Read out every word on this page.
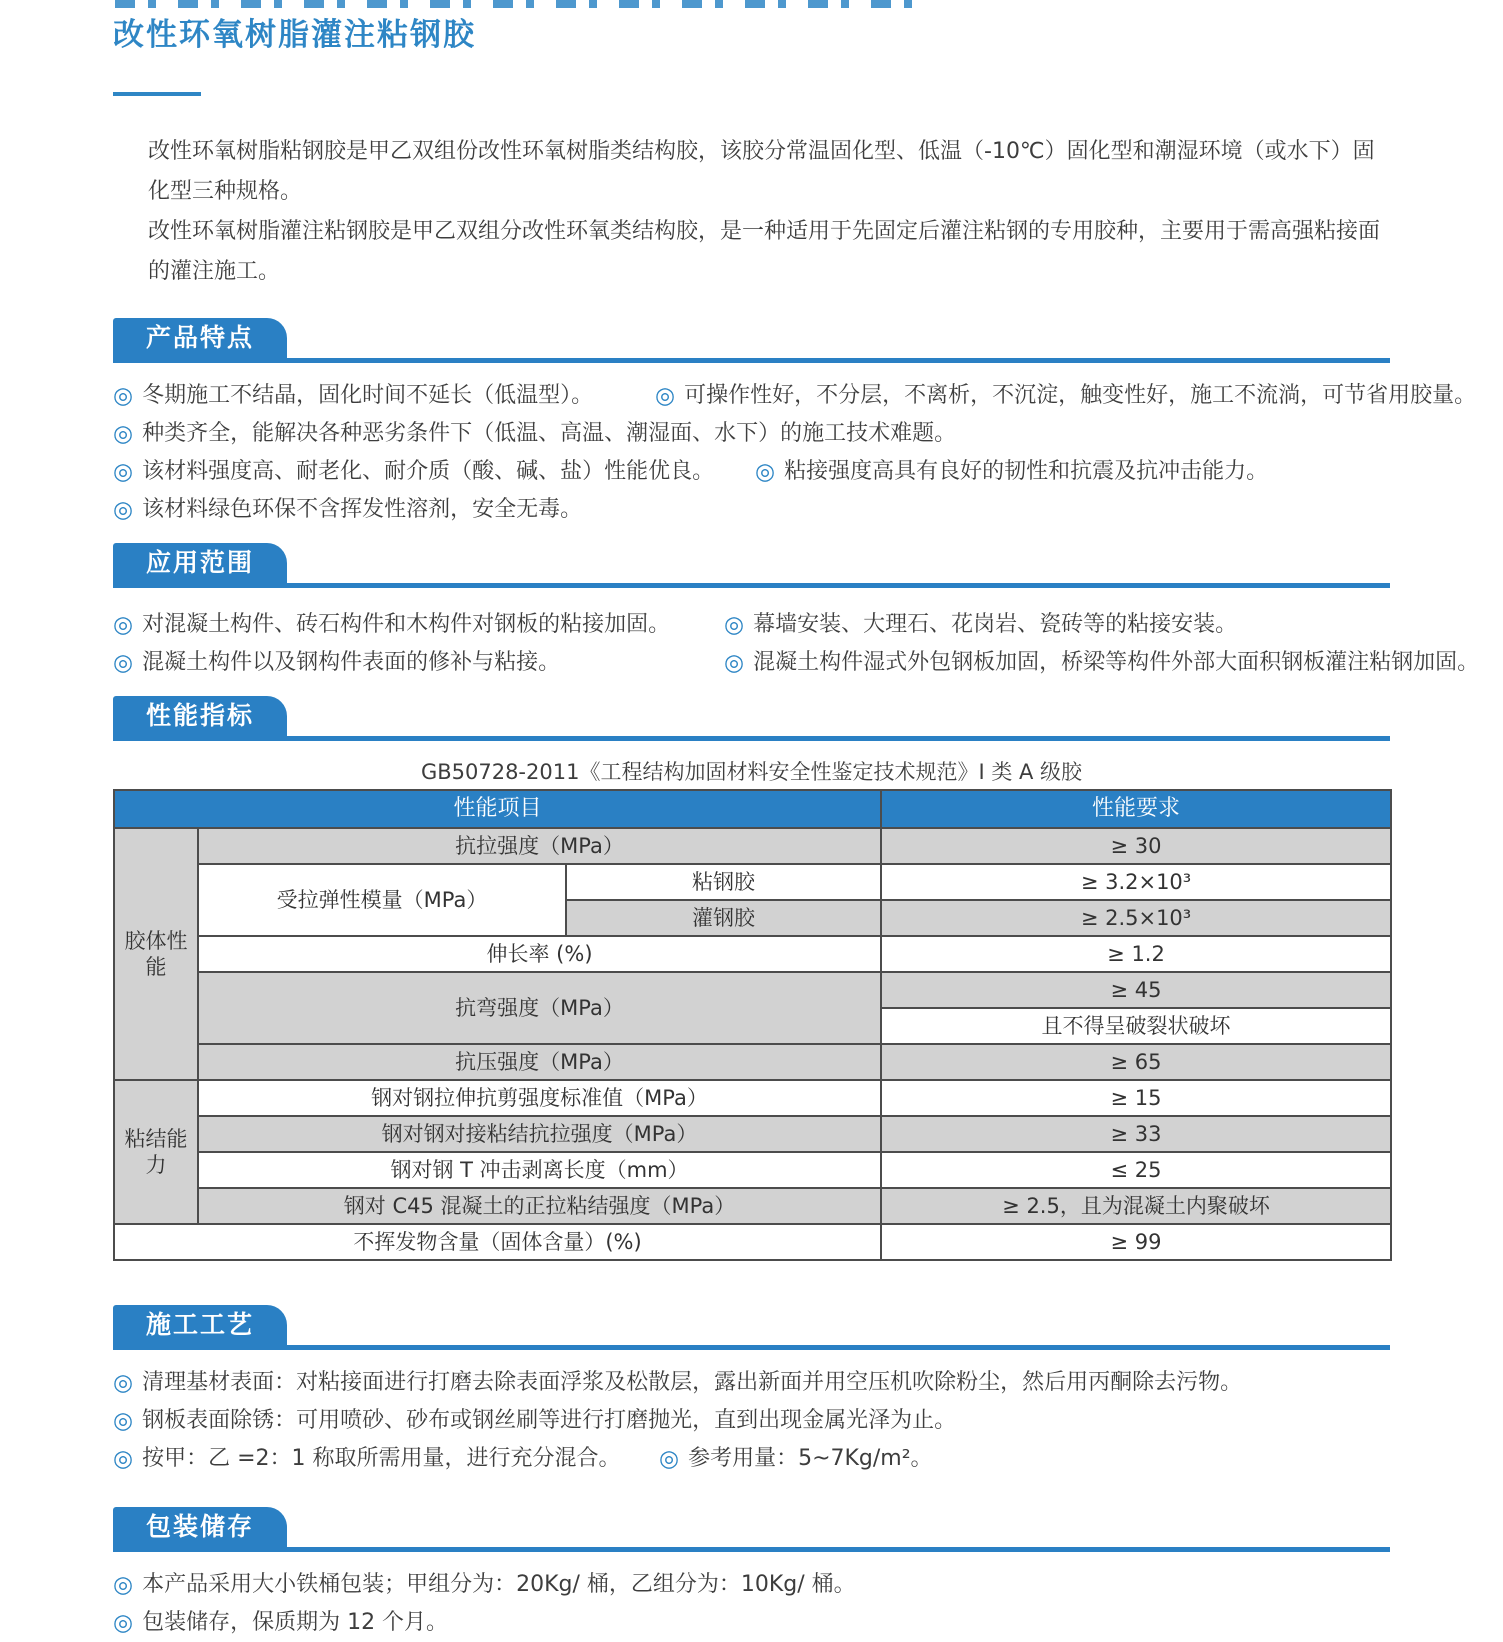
改性环氧树脂灌注粘钢胶

改性环氧树脂粘钢胶是甲乙双组份改性环氧树脂类结构胶，该胶分常温固化型、低温（-10℃）固化型和潮湿环境（或水下）固化型三种规格。

改性环氧树脂灌注粘钢胶是甲乙双组分改性环氧类结构胶，是一种适用于先固定后灌注粘钢的专用胶种，主要用于需高强粘接面的灌注施工。

产品特点
◎ 冬期施工不结晶，固化时间不延长（低温型）。	◎ 可操作性好，不分层，不离析，不沉淀，触变性好，施工不流淌，可节省用胶量。
◎ 种类齐全，能解决各种恶劣条件下（低温、高温、潮湿面、水下）的施工技术难题。
◎ 该材料强度高、耐老化、耐介质（酸、碱、盐）性能优良。 ◎ 粘接强度高具有良好的韧性和抗震及抗冲击能力。
◎ 该材料绿色环保不含挥发性溶剂，安全无毒。
应用范围
◎ 对混凝土构件、砖石构件和木构件对钢板的粘接加固。 ◎ 幕墙安装、大理石、花岗岩、瓷砖等的粘接安装。
◎ 混凝土构件以及钢构件表面的修补与粘接。	◎ 混凝土构件湿式外包钢板加固，桥梁等构件外部大面积钢板灌注粘钢加固。
性能指标
GB50728-2011《工程结构加固材料安全性鉴定技术规范》I 类 A 级胶
性能项目			性能要求
胶体性能	抗拉强度（MPa）		≥ 30
	受拉弹性模量（MPa）	粘钢胶	≥ 3.2×10³
		灌钢胶	≥ 2.5×10³
	伸长率 (%)		≥ 1.2
	抗弯强度（MPa）		≥ 45
			且不得呈破裂状破坏
	抗压强度（MPa）		≥ 65
粘结能力	钢对钢拉伸抗剪强度标准值（MPa）		≥ 15
	钢对钢对接粘结抗拉强度（MPa）		≥ 33
	钢对钢 T 冲击剥离长度（mm）		≤ 25
	钢对 C45 混凝土的正拉粘结强度（MPa）		≥ 2.5，且为混凝土内聚破坏
不挥发物含量（固体含量）(%)			≥ 99
施工工艺
◎ 清理基材表面：对粘接面进行打磨去除表面浮浆及松散层，露出新面并用空压机吹除粉尘，然后用丙酮除去污物。
◎ 钢板表面除锈：可用喷砂、砂布或钢丝刷等进行打磨抛光，直到出现金属光泽为止。
◎ 按甲：乙 =2：1 称取所需用量，进行充分混合。 ◎ 参考用量：5~7Kg/m²。
包装储存
◎ 本产品采用大小铁桶包装；甲组分为：20Kg/ 桶，乙组分为：10Kg/ 桶。
◎ 包装储存，保质期为 12 个月。
